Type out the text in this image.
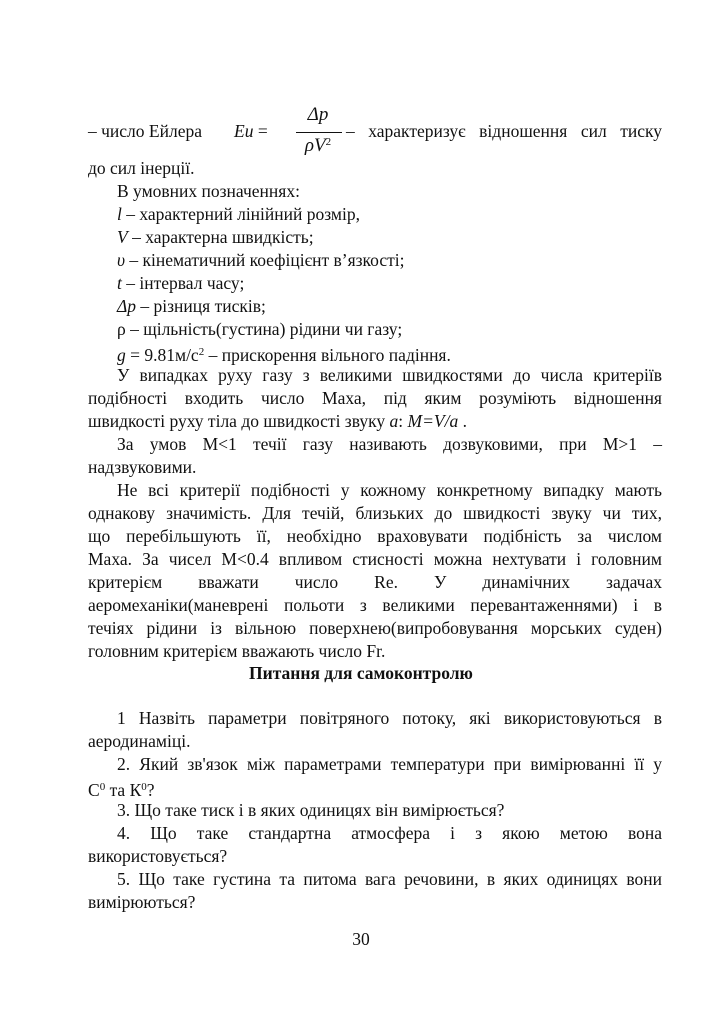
– число Ейлера Eu =
Δp
$\rho V^2$
– характеризує відношення сил тиску
до сил інерції.
В умовних позначеннях:
l – характерний лінійний розмір,
V – характерна швидкість;
υ – кінематичний коефіцієнт в’язкості;
t – інтервал часу;
Δp – різниця тисків;
ρ – щільність(густина) рідини чи газу;
$g = 9.81м/с^2$ – прискорення вільного падіння.
У випадках руху газу з великими швидкостями до числа критеріїв
подібності входить число Маха, під яким розуміють відношення
швидкості руху тіла до швидкості звуку a: M=V/a .
За умов М<1 течії газу називають дозвуковими, при М>1 –
надзвуковими.
Не всі критерії подібності у кожному конкретному випадку мають
однакову значимість. Для течій, близьких до швидкості звуку чи тих,
що перебільшують її, необхідно враховувати подібність за числом
Маха. За чисел М<0.4 впливом стисності можна нехтувати і головним
критерієм вважати число Re. У динамічних задачах
аеромеханіки(маневрені польоти з великими перевантаженнями) і в
течіях рідини із вільною поверхнею(випробовування морських суден)
головним критерієм вважають число Fr.
Питання для самоконтролю
1 Назвіть параметри повітряного потоку, які використовуються в
аеродинаміці.
2. Який зв'язок між параметрами температури при вимірюванні її у
$С^0$ та $К^0$?
3. Що таке тиск і в яких одиницях він вимірюється?
4. Що таке стандартна атмосфера і з якою метою вона
використовується?
5. Що таке густина та питома вага речовини, в яких одиницях вони
вимірюються?
30
